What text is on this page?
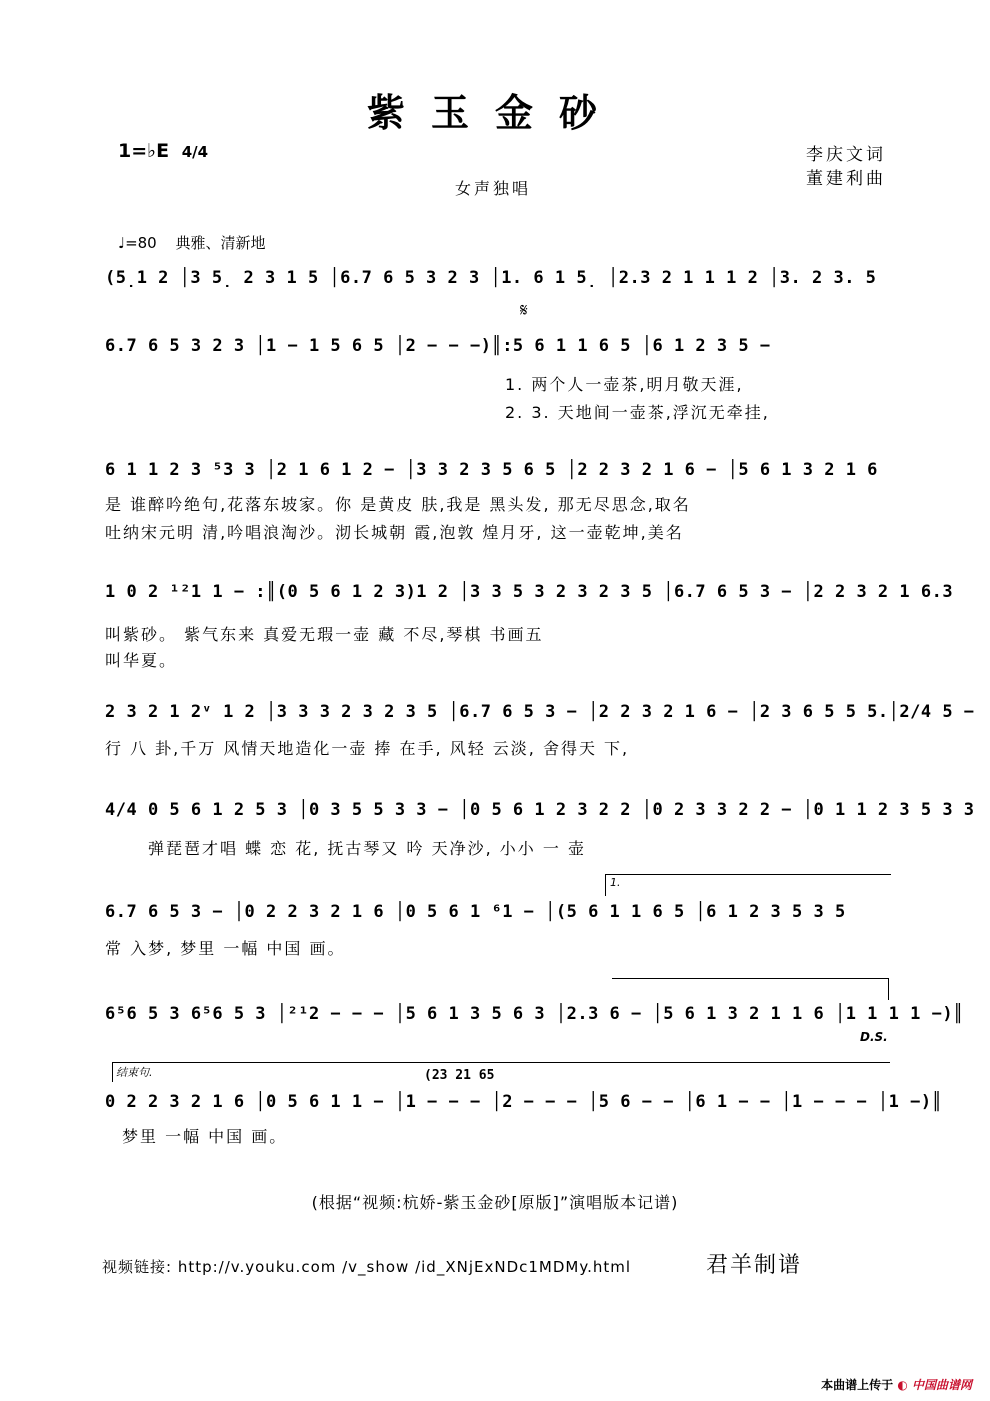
紫玉金砂
1=♭E 4/4	李庆文词
董建利曲
女声独唱
♩=80 典雅、清新地
(5̣1 2 │3 5̣ 2 3 1 5 │6.7 6 5 3 2 3 │1. 6 1 5̣ │2.3 2 1 1 1 2 │3. 2 3. 5
𝄋
6.7 6 5 3 2 3 │1 − 1 5 6 5 │2 − − −)║:5 6 1 1 6 5 │6 1 2 3 5 −
1. 两个人一壶茶,明月敬天涯,
2. 3. 天地间一壶茶,浮沉无牵挂,
6 1 1 2 3 ⁵3 3 │2 1 6 1 2 − │3 3 2 3 5 6 5 │2 2 3 2 1 6 − │5 6 1 3 2 1 6
是 谁醉吟绝句,花落东坡家。你 是黄皮 肤,我是 黑头发, 那无尽思念,取名
吐纳宋元明 清,吟唱浪淘沙。沏长城朝 霞,泡敦 煌月牙, 这一壶乾坤,美名
1 0 2 ¹²1 1 − :║(0 5 6 1 2 3)1 2 │3 3 5 3 2 3 2 3 5 │6.7 6 5 3 − │2 2 3 2 1 6.3
叫紫砂。 紫气东来 真爱无瑕一壶 藏 不尽,琴棋 书画五
叫华夏。
2 3 2 1 2ᵛ 1 2 │3 3 3 2 3 2 3 5 │6.7 6 5 3 − │2 2 3 2 1 6 − │2 3 6 5 5 5.│2/4 5 −
行 八 卦,千万 风情天地造化一壶 捧 在手, 风轻 云淡, 舍得天 下,
4/4 0 5 6 1 2 5 3 │0 3 5 5 3 3 − │0 5 6 1 2 3 2 2 │0 2 3 3 2 2 − │0 1 1 2 3 5 3 3
弹琵琶才唱 蝶 恋 花, 抚古琴又 吟 天净沙, 小小 一 壶
1.
6.7 6 5 3 − │0 2 2 3 2 1 6 │0 5 6 1 ⁶1 − │(5 6 1 1 6 5 │6 1 2 3 5 3 5
常 入梦, 梦里 一幅 中国 画。
6⁵6 5 3 6⁵6 5 3 │²¹2 − − − │5 6 1 3 5 6 3 │2.3 6 − │5 6 1 3 2 1 1 6 │1 1 1 1 −)║
D.S.
结束句.	(23 21 65
0 2 2 3 2 1 6 │0 5 6 1 1 − │1 − − − │2 − − − │5 6 − − │6 1 − − │1 − − − │1 −)║
梦里 一幅 中国 画。
(根据“视频:杭娇-紫玉金砂[原版]”演唱版本记谱)
视频链接: http://v.youku.com /v_show /id_XNjExNDc1MDMy.html	君羊制谱
本曲谱上传于 ◐ 中国曲谱网
